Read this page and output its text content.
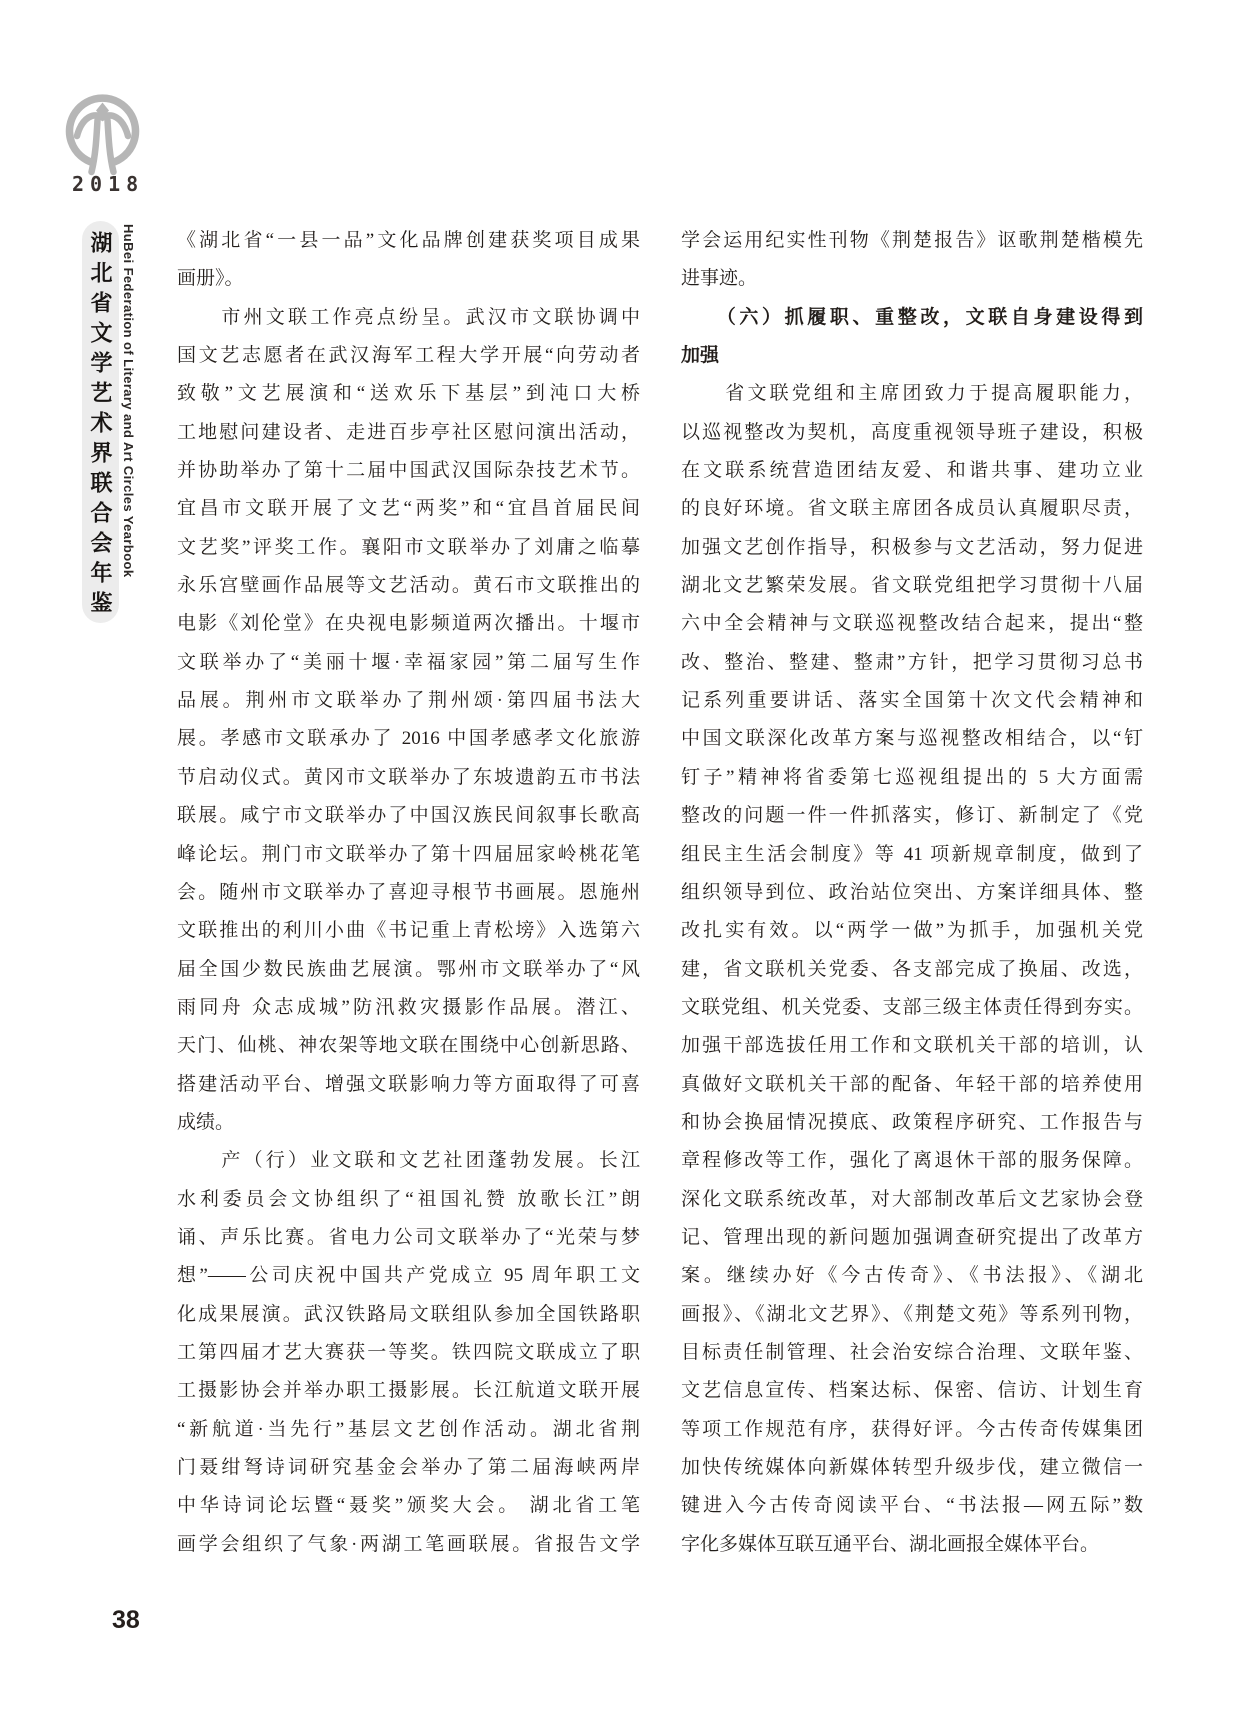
2018
湖北省文学艺术界联合会年鉴 HuBei Federation of Literary and Art Circles Yearbook 《湖北省“一县一品”文化品牌创建获奖项目成果
画册》。
　　市州文联工作亮点纷呈。武汉市文联协调中
国文艺志愿者在武汉海军工程大学开展“向劳动者
致敬”文艺展演和“送欢乐下基层”到沌口大桥
工地慰问建设者、走进百步亭社区慰问演出活动，
并协助举办了第十二届中国武汉国际杂技艺术节。
宜昌市文联开展了文艺“两奖”和“宜昌首届民间
文艺奖”评奖工作。襄阳市文联举办了刘庸之临摹
永乐宫壁画作品展等文艺活动。黄石市文联推出的
电影《刘伦堂》在央视电影频道两次播出。十堰市
文联举办了“美丽十堰·幸福家园”第二届写生作
品展。荆州市文联举办了荆州颂·第四届书法大
展。孝感市文联承办了 2016 中国孝感孝文化旅游
节启动仪式。黄冈市文联举办了东坡遗韵五市书法
联展。咸宁市文联举办了中国汉族民间叙事长歌高
峰论坛。荆门市文联举办了第十四届屈家岭桃花笔
会。随州市文联举办了喜迎寻根节书画展。恩施州
文联推出的利川小曲《书记重上青松塝》入选第六
届全国少数民族曲艺展演。鄂州市文联举办了“风
雨同舟 众志成城”防汛救灾摄影作品展。潜江、
天门、仙桃、神农架等地文联在围绕中心创新思路、
搭建活动平台、增强文联影响力等方面取得了可喜
成绩。
　　产（行）业文联和文艺社团蓬勃发展。长江
水利委员会文协组织了“祖国礼赞 放歌长江”朗
诵、声乐比赛。省电力公司文联举办了“光荣与梦
想”——公司庆祝中国共产党成立 95 周年职工文
化成果展演。武汉铁路局文联组队参加全国铁路职
工第四届才艺大赛获一等奖。铁四院文联成立了职
工摄影协会并举办职工摄影展。长江航道文联开展
“新航道·当先行”基层文艺创作活动。湖北省荆
门聂绀弩诗词研究基金会举办了第二届海峡两岸
中华诗词论坛暨“聂奖”颁奖大会。 湖北省工笔
画学会组织了气象·两湖工笔画联展。省报告文学
学会运用纪实性刊物《荆楚报告》讴歌荆楚楷模先
进事迹。
　　（六）抓履职、重整改，文联自身建设得到
加强
　　省文联党组和主席团致力于提高履职能力，
以巡视整改为契机，高度重视领导班子建设，积极
在文联系统营造团结友爱、和谐共事、建功立业
的良好环境。省文联主席团各成员认真履职尽责，
加强文艺创作指导，积极参与文艺活动，努力促进
湖北文艺繁荣发展。省文联党组把学习贯彻十八届
六中全会精神与文联巡视整改结合起来，提出“整
改、整治、整建、整肃”方针，把学习贯彻习总书
记系列重要讲话、落实全国第十次文代会精神和
中国文联深化改革方案与巡视整改相结合，以“钉
钉子”精神将省委第七巡视组提出的 5 大方面需
整改的问题一件一件抓落实，修订、新制定了《党
组民主生活会制度》等 41 项新规章制度，做到了
组织领导到位、政治站位突出、方案详细具体、整
改扎实有效。以“两学一做”为抓手，加强机关党
建，省文联机关党委、各支部完成了换届、改选，
文联党组、机关党委、支部三级主体责任得到夯实。
加强干部选拔任用工作和文联机关干部的培训，认
真做好文联机关干部的配备、年轻干部的培养使用
和协会换届情况摸底、政策程序研究、工作报告与
章程修改等工作，强化了离退休干部的服务保障。
深化文联系统改革，对大部制改革后文艺家协会登
记、管理出现的新问题加强调查研究提出了改革方
案。继续办好《今古传奇》、《书法报》、《湖北
画报》、《湖北文艺界》、《荆楚文苑》等系列刊物，
目标责任制管理、社会治安综合治理、文联年鉴、
文艺信息宣传、档案达标、保密、信访、计划生育
等项工作规范有序，获得好评。今古传奇传媒集团
加快传统媒体向新媒体转型升级步伐，建立微信一
键进入今古传奇阅读平台、“书法报—网五际”数
字化多媒体互联互通平台、湖北画报全媒体平台。
38
